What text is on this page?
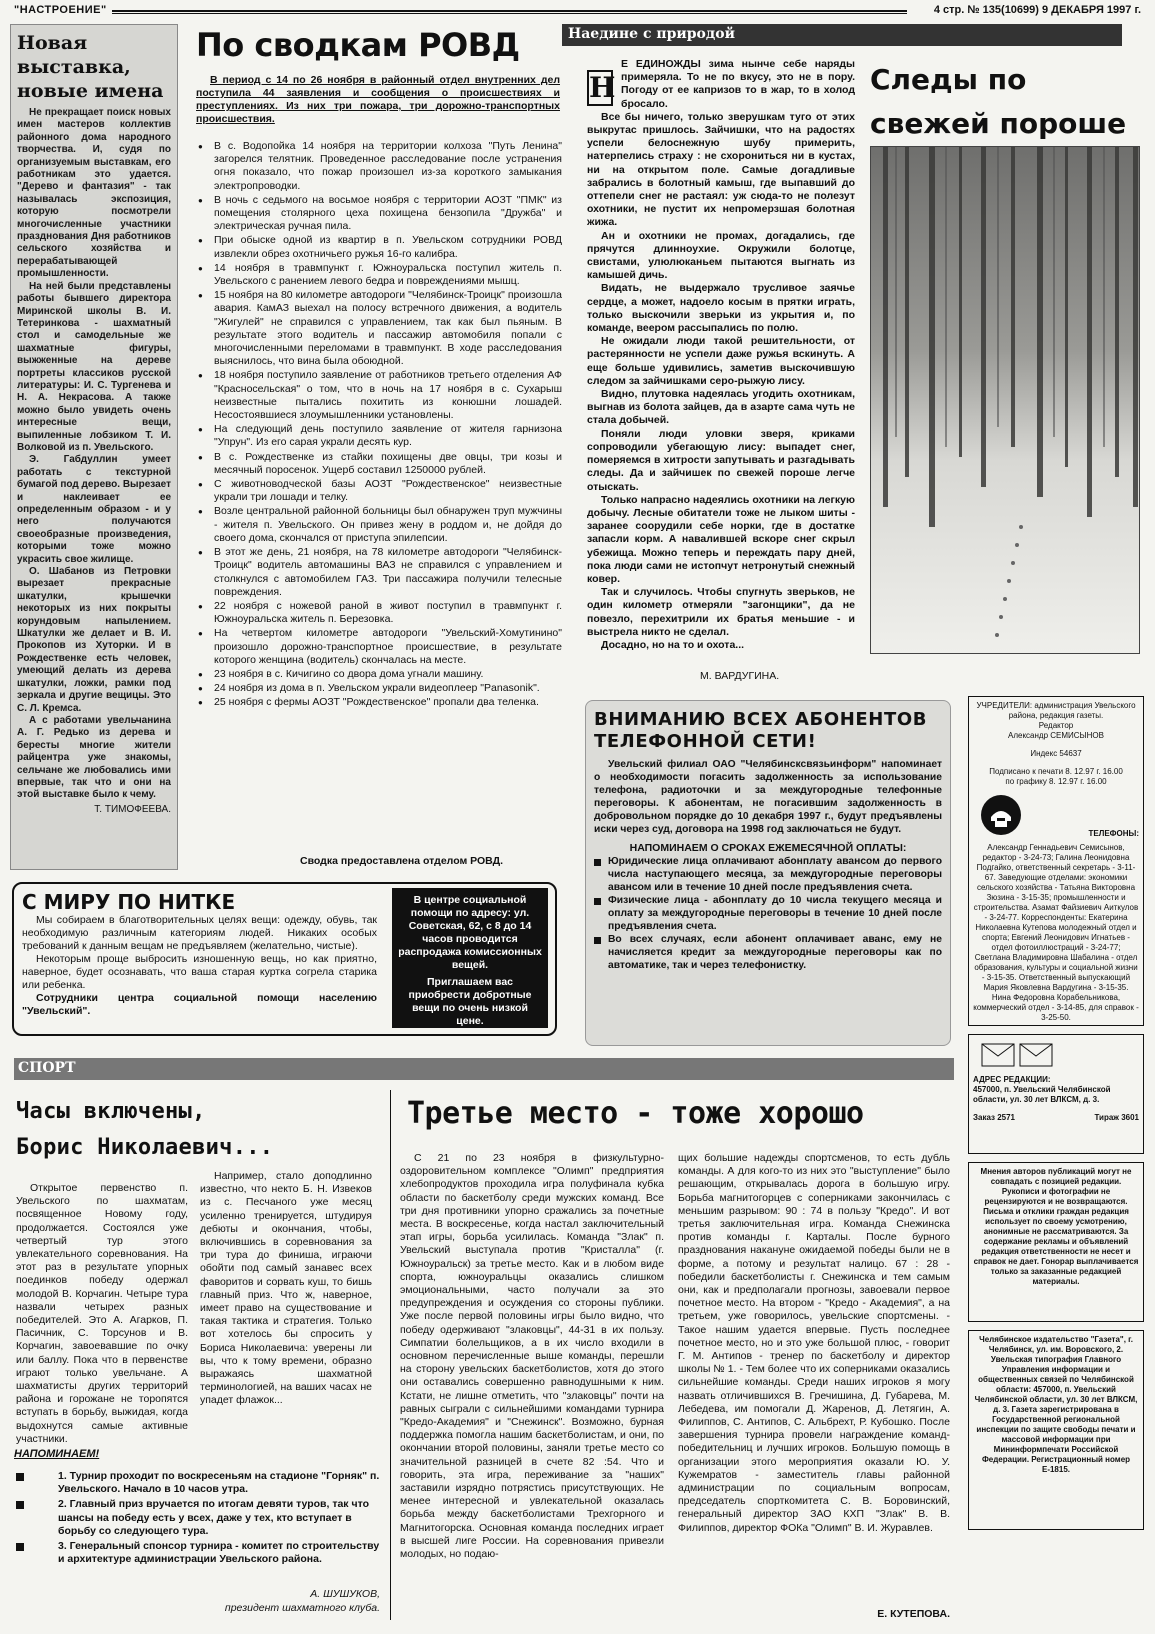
"НАСТРОЕНИЕ"	4 стр. № 135(10699) 9 ДЕКАБРЯ 1997 г.
Новая выставка, новые имена

Не прекращает поиск новых имен мастеров коллектив районного дома народного творчества. И, судя по организуемым выставкам, его работникам это удается. "Дерево и фантазия" - так называлась экспозиция, которую посмотрели многочисленные участники празднования Дня работников сельского хозяйства и перерабатывающей промышленности.

На ней были представлены работы бывшего директора Миринской школы В. И. Тетеринкова - шахматный стол и самодельные же шахматные фигуры, выжженные на дереве портреты классиков русской литературы: И. С. Тургенева и Н. А. Некрасова. А также можно было увидеть очень интересные вещи, выпиленные лобзиком Т. И. Волковой из п. Увельского.

Э. Габдуллин умеет работать с текстурной бумагой под дерево. Вырезает и наклеивает ее определенным образом - и у него получаются своеобразные произведения, которыми тоже можно украсить свое жилище.

О. Шабанов из Петровки вырезает прекрасные шкатулки, крышечки некоторых из них покрыты корундовым напылением. Шкатулки же делает и В. И. Прокопов из Хуторки. И в Рождественке есть человек, умеющий делать из дерева шкатулки, ложки, рамки под зеркала и другие вещицы. Это С. Л. Кремса.

А с работами увельчанина А. Г. Редько из дерева и бересты многие жители райцентра уже знакомы, сельчане же любовались ими впервые, так что и они на этой выставке было к чему.

Т. ТИМОФЕЕВА.
По сводкам РОВД
В период с 14 по 26 ноября в районный отдел внутренних дел поступила 44 заявления и сообщения о происшествиях и преступлениях. Из них три пожара, три дорожно-транспортных происшествия.
● В с. Водопойка 14 ноября на территории колхоза "Путь Ленина" загорелся телятник. Проведенное расследование после устранения огня показало, что пожар произошел из-за короткого замыкания электропроводки.
● В ночь с седьмого на восьмое ноября с территории АОЗТ "ПМК" из помещения столярного цеха похищена бензопила "Дружба" и электрическая ручная пила.
● При обыске одной из квартир в п. Увельском сотрудники РОВД извлекли обрез охотничьего ружья 16-го калибра.
● 14 ноября в травмпункт г. Южноуральска поступил житель п. Увельского с ранением левого бедра и повреждениями мышц.
● 15 ноября на 80 километре автодороги "Челябинск-Троицк" произошла авария. КамАЗ выехал на полосу встречного движения, а водитель "Жигулей" не справился с управлением, так как был пьяным. В результате этого водитель и пассажир автомобиля попали с многочисленными переломами в травмпункт. В ходе расследования выяснилось, что вина была обоюдной.
● 18 ноября поступило заявление от работников третьего отделения АФ "Красносельская" о том, что в ночь на 17 ноября в с. Сухарыш неизвестные пытались похитить из конюшни лошадей. Несостоявшиеся злоумышленники установлены.
● На следующий день поступило заявление от жителя гарнизона "Упрун". Из его сарая украли десять кур.
● В с. Рождественке из стайки похищены две овцы, три козы и месячный поросенок. Ущерб составил 1250000 рублей.
● С животноводческой базы АОЗТ "Рождественское" неизвестные украли три лошади и телку.
● Возле центральной районной больницы был обнаружен труп мужчины - жителя п. Увельского. Он привез жену в роддом и, не дойдя до своего дома, скончался от приступа эпилепсии.
● В этот же день, 21 ноября, на 78 километре автодороги "Челябинск-Троицк" водитель автомашины ВАЗ не справился с управлением и столкнулся с автомобилем ГАЗ. Три пассажира получили телесные повреждения.
● 22 ноября с ножевой раной в живот поступил в травмпункт г. Южноуральска житель п. Березовка.
● На четвертом километре автодороги "Увельский-Хомутинино" произошло дорожно-транспортное происшествие, в результате которого женщина (водитель) скончалась на месте.
● 23 ноября в с. Кичигино со двора дома угнали машину.
● 24 ноября из дома в п. Увельском украли видеоплеер "Panasonik".
● 25 ноября с фермы АОЗТ "Рождественское" пропали два теленка.
Сводка предоставлена отделом РОВД.
Наедине с природой
Следы по свежей пороше

Е ЕДИНОЖДЫ зима нынче себе наряды примеряла. То не по вкусу, это не в пору. Погоду от ее капризов то в жар, то в холод бросало.

Все бы ничего, только зверушкам туго от этих выкрутас пришлось. Зайчишки, что на радостях успели белоснежную шубу примерить, натерпелись страху : не схорониться ни в кустах, ни на открытом поле. Самые догадливые забрались в болотный камыш, где выпавший до оттепели снег не растаял: уж сюда-то не полезут охотники, не пустит их непромерзшая болотная жижа.

Ан и охотники не промах, догадались, где прячутся длинноухие. Окружили болотце, свистами, улюлюканьем пытаются выгнать из камышей дичь.

Видать, не выдержало трусливое заячье сердце, а может, надоело косым в прятки играть, только выскочили зверьки из укрытия и, по команде, веером рассыпались по полю.

Не ожидали люди такой решительности, от растерянности не успели даже ружья вскинуть. А еще больше удивились, заметив выскочившую следом за зайчишками серо-рыжую лису.

Видно, плутовка надеялась угодить охотникам, выгнав из болота зайцев, да в азарте сама чуть не стала добычей.

Поняли люди уловки зверя, криками сопроводили убегающую лису: выпадет снег, померяемся в хитрости запутывать и разгадывать следы. Да и зайчишек по свежей пороше легче отыскать.

Только напрасно надеялись охотники на легкую добычу. Лесные обитатели тоже не лыком шиты - заранее соорудили себе норки, где в достатке запасли корм. А навалившей вскоре снег скрыл убежища. Можно теперь и переждать пару дней, пока люди сами не истопчут нетронутый снежный ковер.

Так и случилось. Чтобы спугнуть зверьков, не один километр отмеряли "загонщики", да не повезло, перехитрили их братья меньшие - и выстрела никто не сделал.

Досадно, но на то и охота...

Н
М. ВАРДУГИНА.
ВНИМАНИЮ ВСЕХ АБОНЕНТОВ ТЕЛЕФОННОЙ СЕТИ!
Увельский филиал ОАО "Челябинсксвязьинформ" напоминает о необходимости погасить задолженность за использование телефона, радиоточки и за междугородные телефонные переговоры. К абонентам, не погасившим задолженность в добровольном порядке до 10 декабря 1997 г., будут предъявлены иски через суд, договора на 1998 год заключаться не будут.
НАПОМИНАЕМ О СРОКАХ ЕЖЕМЕСЯЧНОЙ ОПЛАТЫ:
Юридические лица оплачивают абонплату авансом до первого числа наступающего месяца, за междугородные переговоры авансом или в течение 10 дней после предъявления счета.
Физические лица - абонплату до 10 числа текущего месяца и оплату за междугородные переговоры в течение 10 дней после предъявления счета.
Во всех случаях, если абонент оплачивает аванс, ему не начисляется кредит за междугородные переговоры как по автоматике, так и через телефонистку.
УЧРЕДИТЕЛИ: администрация Увельского района, редакция газеты.
Редактор
Александр СЕМИСЫНОВ
Индекс 54637
Подписано к печати 8. 12.97 г. 16.00
по графику 8. 12.97 г. 16.00
ТЕЛЕФОНЫ:
Александр Геннадьевич Семисынов, редактор - 3-24-73; Галина Леонидовна Подгайко, ответственный секретарь - 3-11-67. Заведующие отделами: экономики сельского хозяйства - Татьяна Викторовна Зюзина - 3-15-35; промышленности и строительства. Азамат Файзиевич Аиткулов - 3-24-77. Корреспонденты: Екатерина Николаевна Кутепова молодежный отдел и спорта; Евгений Леонидович Игнатьев - отдел фотоиллюстраций - 3-24-77; Светлана Владимировна Шабалина - отдел образования, культуры и социальной жизни - 3-15-35. Ответственный выпускающий Мария Яковлевна Вардугина - 3-15-35. Нина Федоровна Корабельникова, коммерческий отдел - 3-14-85, для справок - 3-25-50.
АДРЕС РЕДАКЦИИ:
457000, п. Увельский Челябинской области, ул. 30 лет ВЛКСМ, д. 3.
Заказ 2571	Тираж 3601
Мнения авторов публикаций могут не совпадать с позицией редакции. Рукописи и фотографии не рецензируются и не возвращаются. Письма и отклики граждан редакция использует по своему усмотрению, анонимные не рассматриваются. За содержание рекламы и объявлений редакция ответственности не несет и справок не дает. Гонорар выплачивается только за заказанные редакцией материалы.
Челябинское издательство "Газета", г. Челябинск, ул. им. Воровского, 2. Увельская типография Главного Управления информации и общественных связей по Челябинской области: 457000, п. Увельский Челябинской области, ул. 30 лет ВЛКСМ, д. 3. Газета зарегистрирована в Государственной региональной инспекции по защите свободы печати и массовой информации при Мининформпечати Российской Федерации. Регистрационный номер Е-1815.
С МИРУ ПО НИТКЕ

Мы собираем в благотворительных целях вещи: одежду, обувь, так необходимую различным категориям людей. Никаких особых требований к данным вещам не предъявляем (желательно, чистые).

Некоторым проще выбросить изношенную вещь, но как приятно, наверное, будет осознавать, что ваша старая куртка согрела старика или ребенка.

Сотрудники центра социальной помощи населению "Увельский".

В центре социальной помощи по адресу: ул. Советская, 62, с 8 до 14 часов проводится распродажа комиссионных вещей.
Приглашаем вас приобрести добротные вещи по очень низкой цене.
СПОРТ
Часы включены,
Борис Николаевич...

Открытое первенство п. Увельского по шахматам, посвященное Новому году, продолжается. Состоялся уже четвертый тур этого увлекательного соревнования. На этот раз в результате упорных поединков победу одержал молодой В. Корчагин. Четыре тура назвали четырех разных победителей. Это А. Агарков, П. Пасичник, С. Торсунов и В. Корчагин, завоевавшие по очку или баллу. Пока что в первенстве играют только увельчане. А шахматисты других территорий района и горожане не торопятся вступать в борьбу, выжидая, когда выдохнутся самые активные участники.

Например, стало доподлинно известно, что некто Б. Н. Извеков из с. Песчаного уже месяц усиленно тренируется, штудируя дебюты и окончания, чтобы, включившись в соревнования за три тура до финиша, играючи обойти под самый занавес всех фаворитов и сорвать куш, то бишь главный приз. Что ж, наверное, имеет право на существование и такая тактика и стратегия. Только вот хотелось бы спросить у Бориса Николаевича: уверены ли вы, что к тому времени, образно выражаясь шахматной терминологией, на ваших часах не упадет флажок...

НАПОМИНАЕМ!
1. Турнир проходит по воскресеньям на стадионе "Горняк" п. Увельского. Начало в 10 часов утра.
2. Главный приз вручается по итогам девяти туров, так что шансы на победу есть у всех, даже у тех, кто вступает в борьбу со следующего тура.
3. Генеральный спонсор турнира - комитет по строительству и архитектуре администрации Увельского района.
А. ШУШУКОВ,
президент шахматного клуба.
Третье место - тоже хорошо

С 21 по 23 ноября в физкультурно-оздоровительном комплексе "Олимп" предприятия хлебопродуктов проходила игра полуфинала кубка области по баскетболу среди мужских команд. Все три дня противники упорно сражались за почетные места. В воскресенье, когда настал заключительный этап игры, борьба усилилась. Команда "Злак" п. Увельский выступала против "Кристалла" (г. Южноуральск) за третье место. Как и в любом виде спорта, южноуральцы оказались слишком эмоциональными, часто получали за это предупреждения и осуждения со стороны публики. Уже после первой половины игры было видно, что победу одерживают "злаковцы", 44-31 в их пользу. Симпатии болельщиков, а в их число входили в основном перечисленные выше команды, перешли на сторону увельских баскетболистов, хотя до этого они оставались совершенно равнодушными к ним. Кстати, не лишне отметить, что "злаковцы" почти на равных сыграли с сильнейшими командами турнира "Кредо-Академия" и "Снежинск". Возможно, бурная поддержка помогла нашим баскетболистам, и они, по окончании второй половины, заняли третье место со значительной разницей в счете 82 :54. Что и говорить, эта игра, переживание за "наших" заставили изрядно потрястись присутствующих. Не менее интересной и увлекательной оказалась борьба между баскетболистами Трехгорного и Магнитогорска. Основная команда последних играет в высшей лиге России. На соревнования привезли молодых, но подаю-

щих большие надежды спортсменов, то есть дубль команды. А для кого-то из них это "выступление" было решающим, открывалась дорога в большую игру. Борьба магнитогорцев с соперниками закончилась с меньшим разрывом: 90 : 74 в пользу "Кредо". И вот третья заключительная игра. Команда Снежинска против команды г. Карталы. После бурного празднования накануне ожидаемой победы были не в форме, а потому и результат налицо. 67 : 28 - победили баскетболисты г. Снежинска и тем самым они, как и предполагали прогнозы, завоевали первое почетное место. На втором - "Кредо - Академия", а на третьем, уже говорилось, увельские спортсмены. - Такое нашим удается впервые. Пусть последнее почетное место, но и это уже большой плюс, - говорит Г. М. Антипов - тренер по баскетболу и директор школы № 1. - Тем более что их соперниками оказались сильнейшие команды. Среди наших игроков я могу назвать отличившихся В. Гречишина, Д. Губарева, М. Лебедева, им помогали Д. Жаренов, Д. Летягин, А. Филиппов, С. Антипов, С. Альбрехт, Р. Кубошко. После завершения турнира провели награждение команд-победительниц и лучших игроков. Большую помощь в организации этого мероприятия оказали Ю. У. Кужемратов - заместитель главы районной администрации по социальным вопросам, председатель спорткомитета С. В. Боровинский, генеральный директор ЗАО КХП "Злак" В. В. Филиппов, директор ФОКа "Олимп" В. И. Журавлев.

Е. КУТЕПОВА.
